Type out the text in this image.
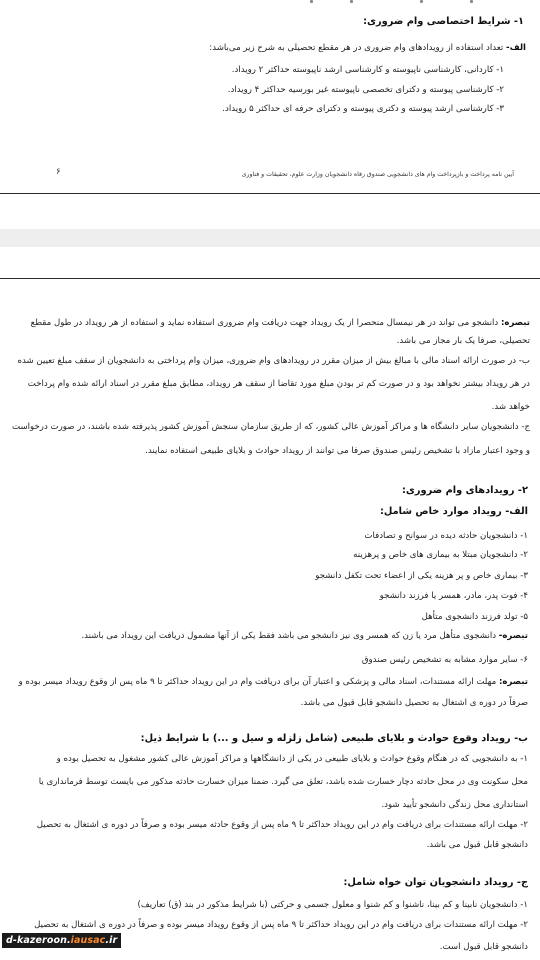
۱- شرایط اختصاصی وام ضروری:
الف- تعداد استفاده از رویدادهای وام ضروری در هر مقطع تحصیلی به شرح زیر می‌باشد:
۱- کاردانی، کارشناسی ناپیوسته و کارشناسی ارشد ناپیوسته حداکثر ۲ رویداد.
۲- کارشناسی پیوسته و دکترای تخصصی ناپیوسته غیر بورسیه حداکثر ۴ رویداد.
۳- کارشناسی ارشد پیوسته و دکتری پیوسته و دکترای حرفه ای حداکثر ۵ رویداد.
آیین نامه پرداخت و بازپرداخت وام های دانشجویی صندوق رفاه دانشجویان وزارت علوم، تحقیقات و فناوری
۶
تبصره: دانشجو می تواند در هر نیمسال منحصرا از یک رویداد جهت دریافت وام ضروری استفاده نماید و استفاده از هر رویداد در طول مقطع
تحصیلی، صرفا یک بار مجاز می باشد.
ب- در صورت ارائه اسناد مالی با مبالغ بیش از میزان مقرر در رویدادهای وام ضروری، میزان وام پرداختی به دانشجویان از سقف مبلغ تعیین شده
در هر رویداد بیشتر نخواهد بود و در صورت کم تر بودن مبلغ مورد تقاضا از سقف هر رویداد، مطابق مبلغ مقرر در اسناد ارائه شده وام پرداخت
خواهد شد.
ج- دانشجویان سایر دانشگاه ها و مراکز آموزش عالی کشور، که از طریق سازمان سنجش آموزش کشور پذیرفته شده باشند، در صورت درخواست
و وجود اعتبار مازاد با تشخیص رئیس صندوق صرفا می توانند از رویداد حوادث و بلایای طبیعی استفاده نمایند.
۲- رویدادهای وام ضروری:
الف- رویداد موارد خاص شامل:
۱- دانشجویان حادثه دیده در سوانح و تصادفات
۲- دانشجویان مبتلا به بیماری های خاص و پرهزینه
۳- بیماری خاص و پر هزینه یکی از اعضاء تحت تکفل دانشجو
۴- فوت پدر، مادر، همسر یا فرزند دانشجو
۵- تولد فرزند دانشجوی متأهل
تبصره- دانشجوی متأهل مرد یا زن که همسر وی نیز دانشجو می باشد فقط یکی از آنها مشمول دریافت این رویداد می باشند.
۶- سایر موارد مشابه به تشخیص رئیس صندوق
تبصره: مهلت ارائه مستندات، اسناد مالی و پزشکی و اعتبار آن برای دریافت وام در این رویداد حداکثر تا ۹ ماه پس از وقوع رویداد میسر بوده و
صرفاً در دوره ی اشتغال به تحصیل دانشجو قابل قبول می باشد.
ب- رویداد وقوع حوادث و بلایای طبیعی (شامل زلزله و سیل و ...) با شرایط ذیل:
۱- به دانشجویی که در هنگام وقوع حوادث و بلایای طبیعی در یکی از دانشگاهها و مراکز آموزش عالی کشور مشغول به تحصیل بوده و
محل سکونت وی در محل حادثه دچار خسارت شده باشد، تعلق می گیرد. ضمنا میزان خسارت حادثه مذکور می بایست توسط فرمانداری یا
استانداری محل زندگی دانشجو تأیید شود.
۲- مهلت ارائه مستندات برای دریافت وام در این رویداد حداکثر تا ۹ ماه پس از وقوع حادثه میسر بوده و صرفاً در دوره ی اشتغال به تحصیل
دانشجو قابل قبول می باشد.
ج- رویداد دانشجویان توان خواه شامل:
۱- دانشجویان نابینا و کم بینا، ناشنوا و کم شنوا و معلول جسمی و حرکتی (با شرایط مذکور در بند (ق) تعاریف)
۲- مهلت ارائه مستندات برای دریافت وام در این رویداد حداکثر تا ۹ ماه پس از وقوع رویداد میسر بوده و صرفاً در دوره ی اشتغال به تحصیل
دانشجو قابل قبول است.
d-kazeroon.iausac.ir
